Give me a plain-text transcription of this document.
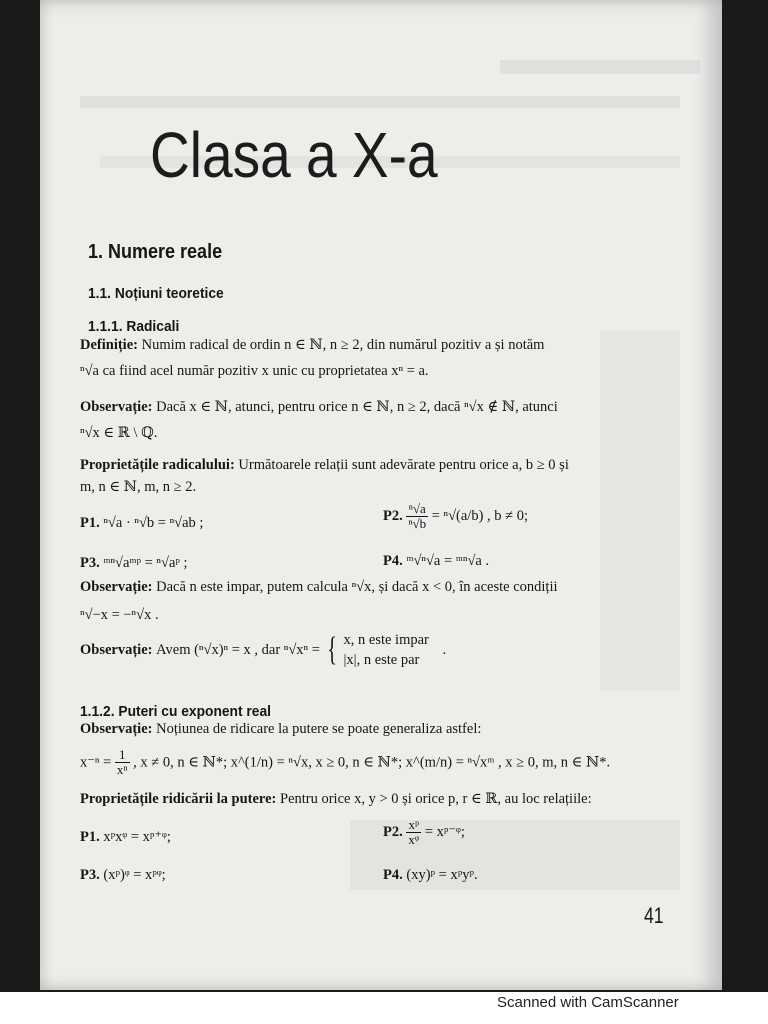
Clasa a X-a
1. Numere reale
1.1. Noțiuni teoretice
1.1.1. Radicali
Definiție: Numim radical de ordin n ∈ ℕ, n ≥ 2, din numărul pozitiv a și notăm
ⁿ√a ca fiind acel număr pozitiv x unic cu proprietatea xⁿ = a.
Observație: Dacă x ∈ ℕ, atunci, pentru orice n ∈ ℕ, n ≥ 2, dacă ⁿ√x ∉ ℕ, atunci
ⁿ√x ∈ ℝ \ ℚ.
Proprietățile radicalului: Următoarele relații sunt adevărate pentru orice a, b ≥ 0 și
m, n ∈ ℕ, m, n ≥ 2.
P1. ⁿ√a · ⁿ√b = ⁿ√ab ;	P2. $\frac{\text{ⁿ√a}}{\text{ⁿ√b}} = ^n√(a/b)$ , b ≠ 0;
P3. ᵐⁿ√aᵐᵖ = ⁿ√aᵖ ;	P4. ᵐ√ⁿ√a = ᵐⁿ√a .
Observație: Dacă n este impar, putem calcula ⁿ√x, și dacă x < 0, în aceste condiții
ⁿ√−x = −ⁿ√x .
Observație: Avem (ⁿ√x)ⁿ = x , dar ⁿ√xⁿ = { x, n este impar
|x|, n este par
.
1.1.2. Puteri cu exponent real
Observație: Noțiunea de ridicare la putere se poate generaliza astfel:
$x^{-n} = \frac{1}{\text{xⁿ}}$ , x ≠ 0, n ∈ ℕ*; x^(1/n) = ⁿ√x, x ≥ 0, n ∈ ℕ*; x^(m/n) = ⁿ√xᵐ , x ≥ 0, m, n ∈ ℕ*.
Proprietățile ridicării la putere: Pentru orice x, y > 0 și orice p, r ∈ ℝ, au loc relațiile:
P1. xᵖxᵠ = xᵖ⁺ᵠ;	P2. $\frac{\text{xᵖ}}{\text{xᵠ}}$ = xᵖ⁻ᵠ;
P3. (xᵖ)ᵠ = xᵖᵠ;	P4. (xy)ᵖ = xᵖyᵖ.
41
Scanned with CamScanner
